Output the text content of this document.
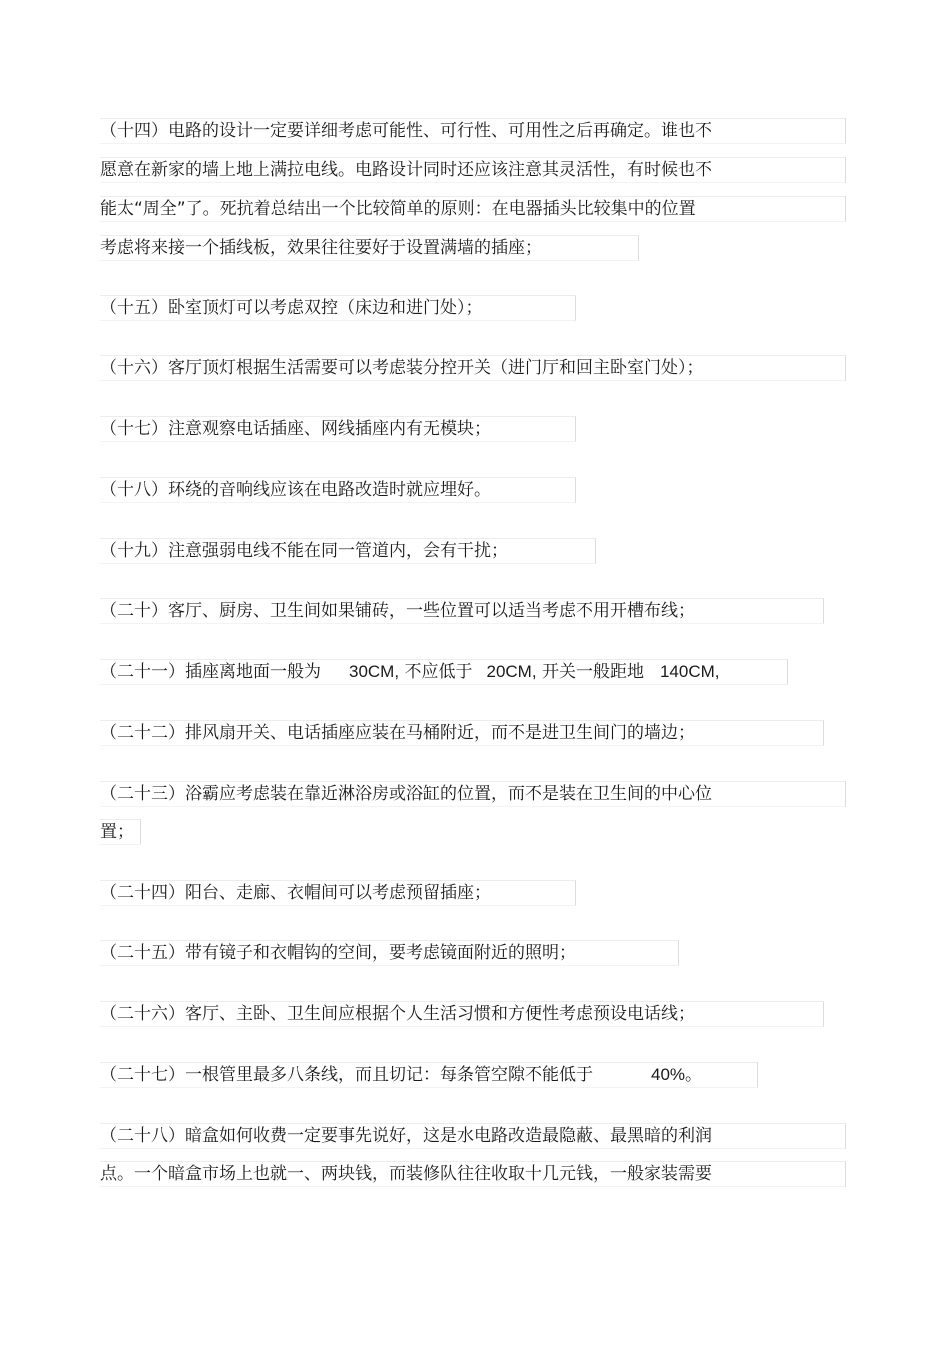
（十四）电路的设计一定要详细考虑可能性、可行性、可用性之后再确定。谁也不
愿意在新家的墙上地上满拉电线。电路设计同时还应该注意其灵活性，有时候也不
能太“周全”了。死抗着总结出一个比较简单的原则：在电器插头比较集中的位置
考虑将来接一个插线板，效果往往要好于设置满墙的插座；
（十五）卧室顶灯可以考虑双控（床边和进门处）；
（十六）客厅顶灯根据生活需要可以考虑装分控开关（进门厅和回主卧室门处）；
（十七）注意观察电话插座、网线插座内有无模块；
（十八）环绕的音响线应该在电路改造时就应埋好。
（十九）注意强弱电线不能在同一管道内，会有干扰；
（二十）客厅、厨房、卫生间如果铺砖，一些位置可以适当考虑不用开槽布线；
（二十一）插座离地面一般为 30CM, 不应低于 20CM, 开关一般距地 140CM,
（二十二）排风扇开关、电话插座应装在马桶附近，而不是进卫生间门的墙边；
（二十三）浴霸应考虑装在靠近淋浴房或浴缸的位置，而不是装在卫生间的中心位
置；
（二十四）阳台、走廊、衣帽间可以考虑预留插座；
（二十五）带有镜子和衣帽钩的空间，要考虑镜面附近的照明；
（二十六）客厅、主卧、卫生间应根据个人生活习惯和方便性考虑预设电话线；
（二十七）一根管里最多八条线，而且切记：每条管空隙不能低于	40%。
（二十八）暗盒如何收费一定要事先说好，这是水电路改造最隐蔽、最黑暗的利润
点。一个暗盒市场上也就一、两块钱，而装修队往往收取十几元钱，一般家装需要
